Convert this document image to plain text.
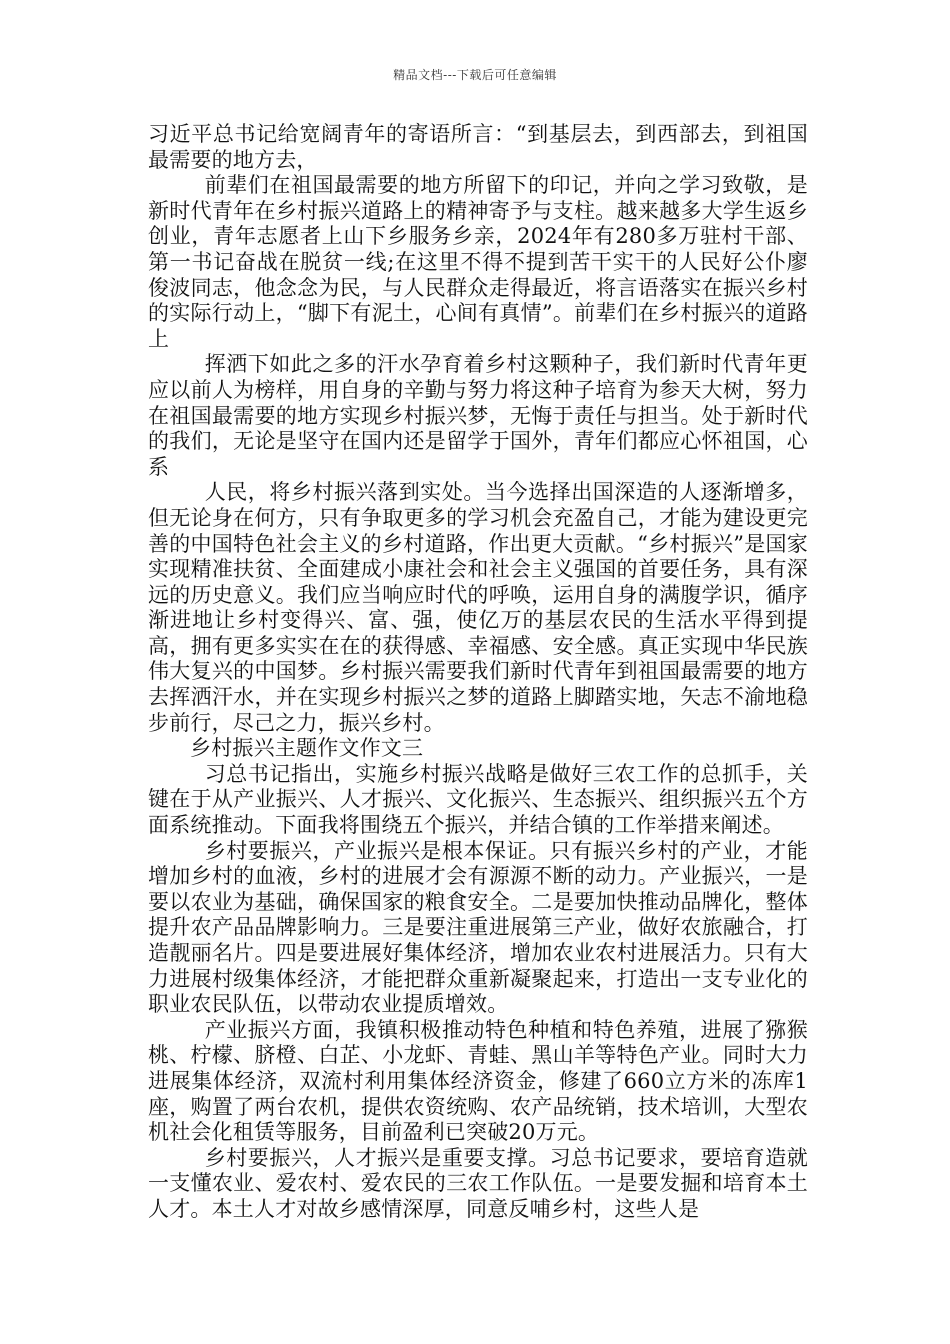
精品文档---下载后可任意编辑

习近平总书记给宽阔青年的寄语所言：“到基层去，到西部去，到祖国最需要的地方去，

前辈们在祖国最需要的地方所留下的印记，并向之学习致敬，是新时代青年在乡村振兴道路上的精神寄予与支柱。越来越多大学生返乡创业，青年志愿者上山下乡服务乡亲，2024年有280多万驻村干部、第一书记奋战在脱贫一线;在这里不得不提到苦干实干的人民好公仆廖俊波同志，他念念为民，与人民群众走得最近，将言语落实在振兴乡村的实际行动上，“脚下有泥土，心间有真情”。前辈们在乡村振兴的道路上

挥洒下如此之多的汗水孕育着乡村这颗种子，我们新时代青年更应以前人为榜样，用自身的辛勤与努力将这种子培育为参天大树，努力在祖国最需要的地方实现乡村振兴梦，无悔于责任与担当。处于新时代的我们，无论是坚守在国内还是留学于国外，青年们都应心怀祖国，心系

人民，将乡村振兴落到实处。当今选择出国深造的人逐渐增多，但无论身在何方，只有争取更多的学习机会充盈自己，才能为建设更完善的中国特色社会主义的乡村道路，作出更大贡献。“乡村振兴”是国家实现精准扶贫、全面建成小康社会和社会主义强国的首要任务，具有深远的历史意义。我们应当响应时代的呼唤，运用自身的满腹学识，循序渐进地让乡村变得兴、富、强，使亿万的基层农民的生活水平得到提高，拥有更多实实在在的获得感、幸福感、安全感。真正实现中华民族伟大复兴的中国梦。乡村振兴需要我们新时代青年到祖国最需要的地方去挥洒汗水，并在实现乡村振兴之梦的道路上脚踏实地，矢志不渝地稳步前行，尽己之力，振兴乡村。

乡村振兴主题作文作文三

习总书记指出，实施乡村振兴战略是做好三农工作的总抓手，关键在于从产业振兴、人才振兴、文化振兴、生态振兴、组织振兴五个方面系统推动。下面我将围绕五个振兴，并结合镇的工作举措来阐述。

乡村要振兴，产业振兴是根本保证。只有振兴乡村的产业，才能增加乡村的血液，乡村的进展才会有源源不断的动力。产业振兴，一是要以农业为基础，确保国家的粮食安全。二是要加快推动品牌化，整体提升农产品品牌影响力。三是要注重进展第三产业，做好农旅融合，打造靓丽名片。四是要进展好集体经济，增加农业农村进展活力。只有大力进展村级集体经济，才能把群众重新凝聚起来，打造出一支专业化的职业农民队伍，以带动农业提质增效。

产业振兴方面，我镇积极推动特色种植和特色养殖，进展了猕猴桃、柠檬、脐橙、白芷、小龙虾、青蛙、黑山羊等特色产业。同时大力进展集体经济，双流村利用集体经济资金，修建了660立方米的冻库1座，购置了两台农机，提供农资统购、农产品统销，技术培训，大型农机社会化租赁等服务，目前盈利已突破20万元。

乡村要振兴，人才振兴是重要支撑。习总书记要求，要培育造就一支懂农业、爱农村、爱农民的三农工作队伍。一是要发掘和培育本土人才。本土人才对故乡感情深厚，同意反哺乡村，这些人是
